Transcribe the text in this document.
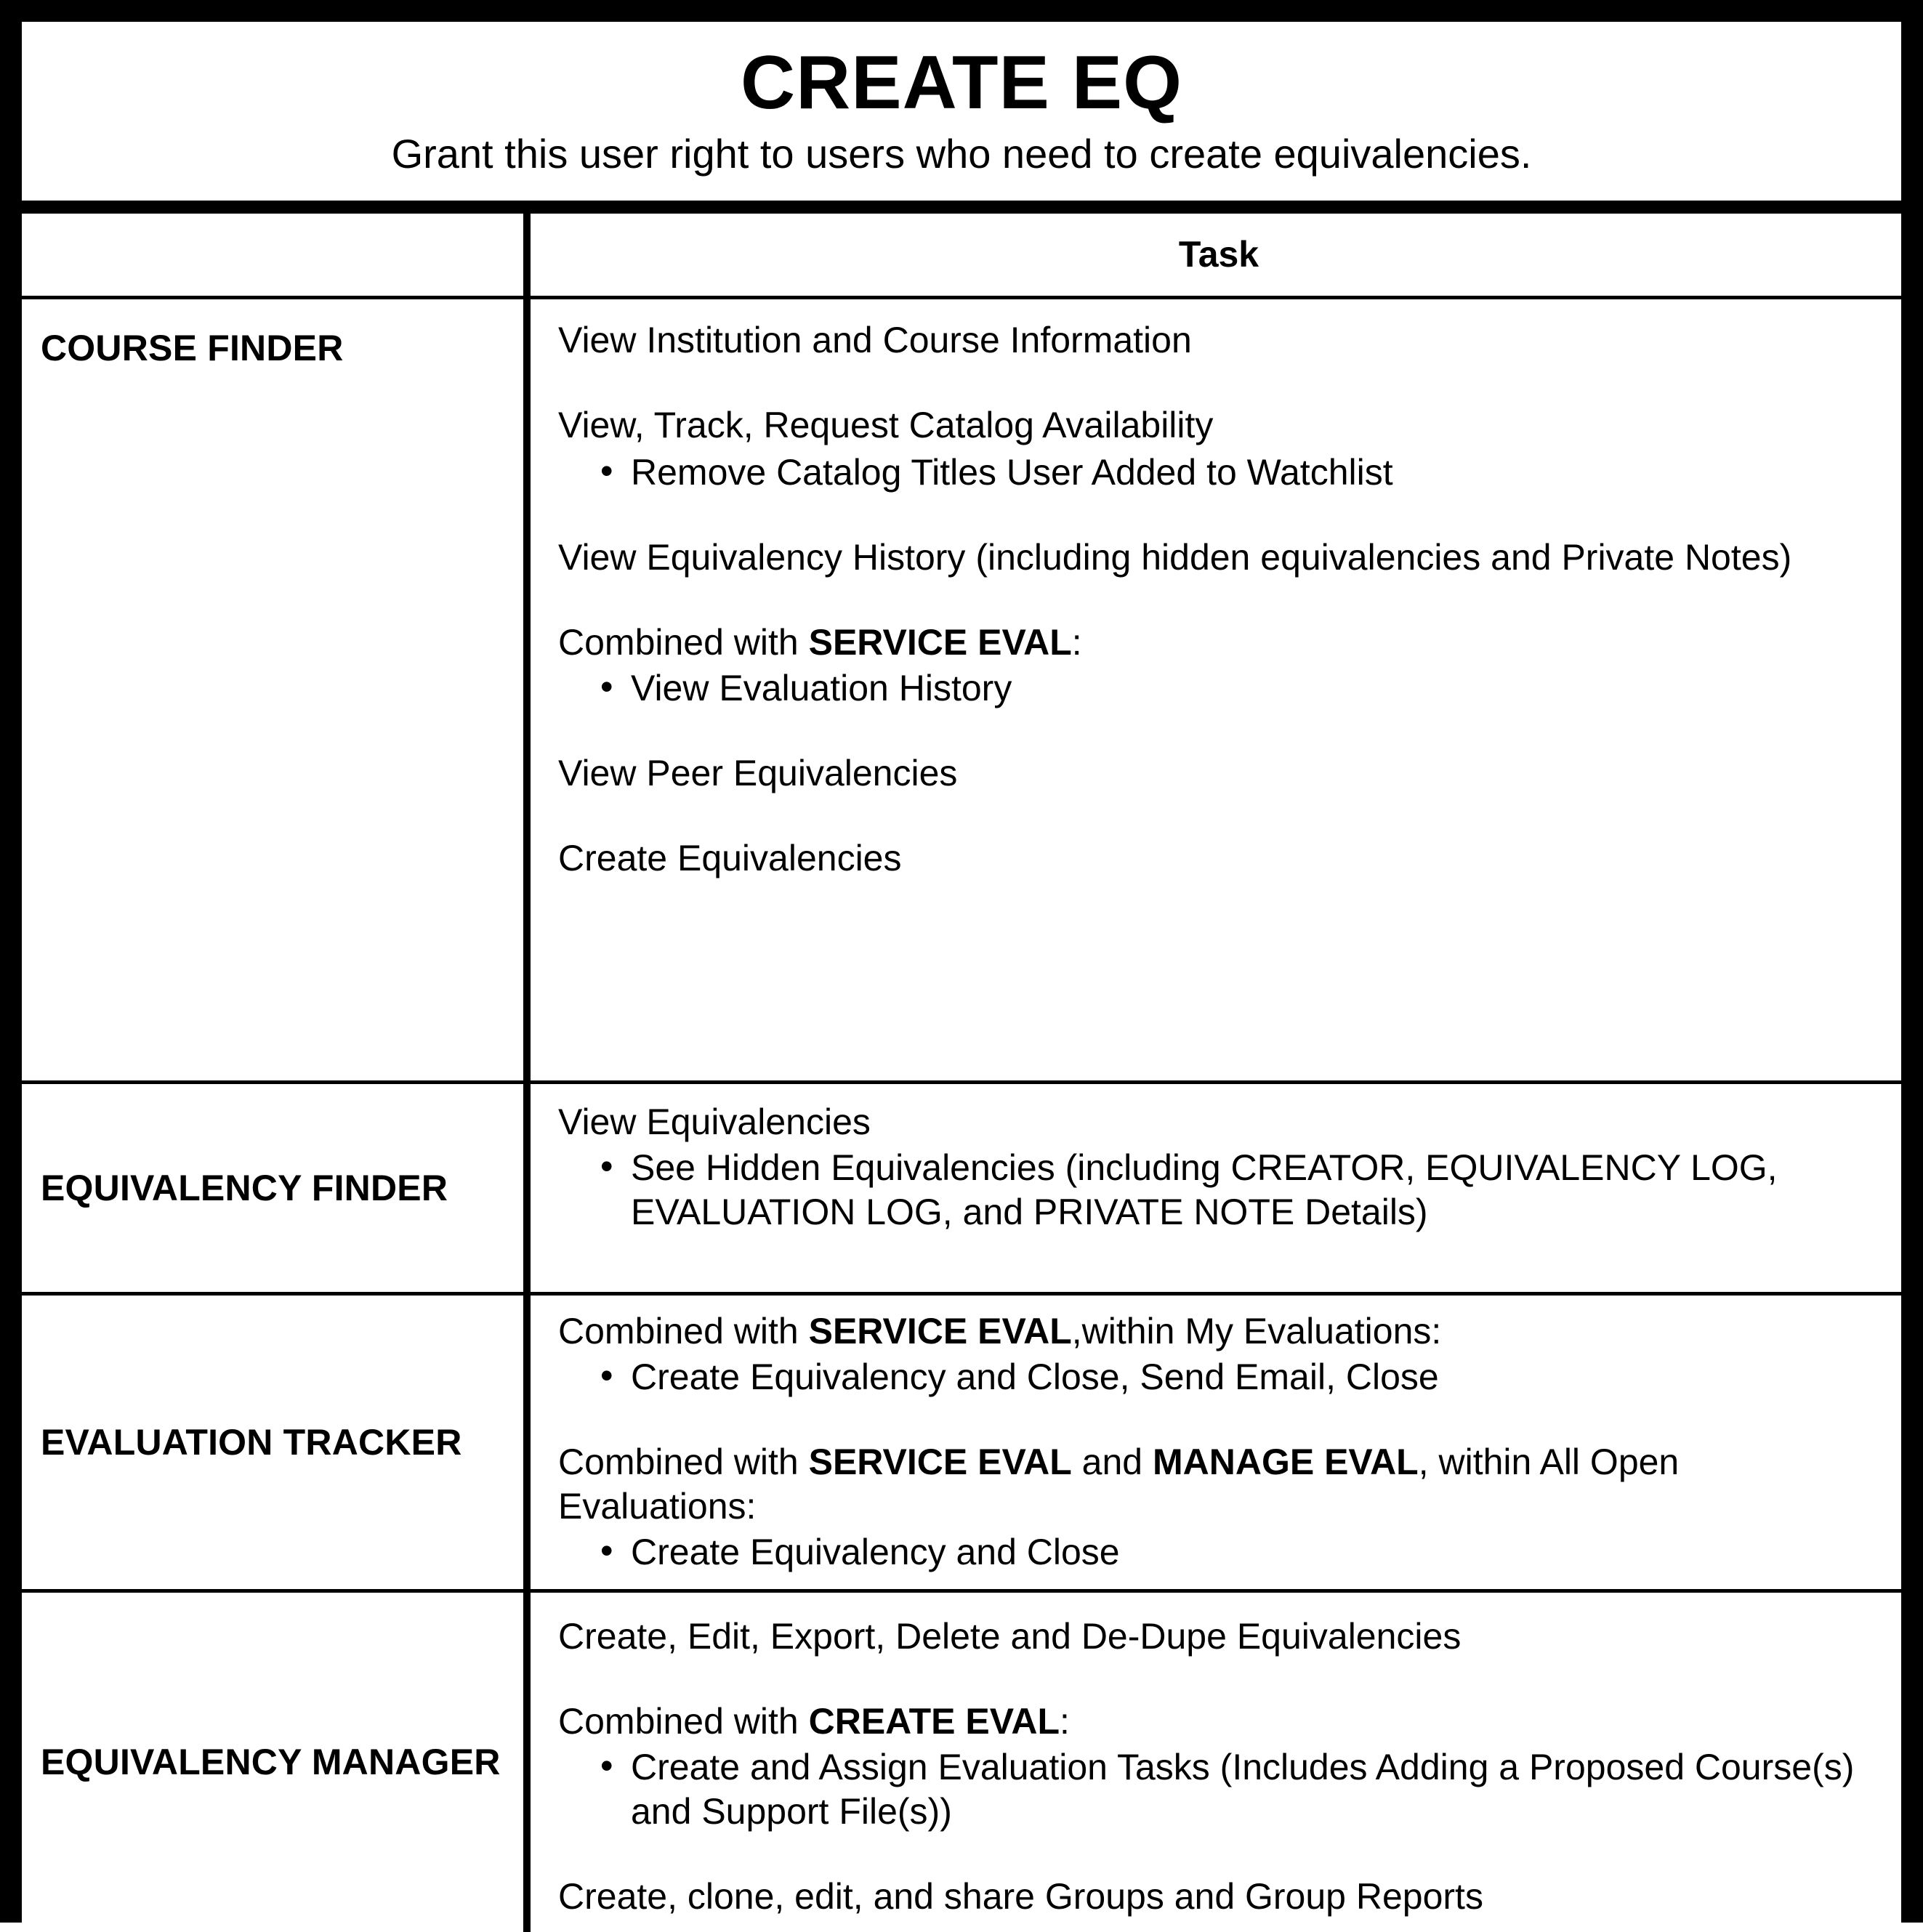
CREATE EQ
Grant this user right to users who need to create equivalencies.
Task
COURSE FINDER	View Institution and Course Information
View, Track, Request Catalog Availability
• Remove Catalog Titles User Added to Watchlist
View Equivalency History (including hidden equivalencies and Private Notes)
Combined with SERVICE EVAL:
• View Evaluation History
View Peer Equivalencies
Create Equivalencies
EQUIVALENCY FINDER
View Equivalencies
• See Hidden Equivalencies (including CREATOR, EQUIVALENCY LOG, EVALUATION LOG, and PRIVATE NOTE Details)
EVALUATION TRACKER
Combined with SERVICE EVAL,within My Evaluations:
• Create Equivalency and Close, Send Email, Close
Combined with SERVICE EVAL and MANAGE EVAL, within All Open Evaluations:
• Create Equivalency and Close
EQUIVALENCY MANAGER
Create, Edit, Export, Delete and De-Dupe Equivalencies
Combined with CREATE EVAL:
• Create and Assign Evaluation Tasks (Includes Adding a Proposed Course(s) and Support File(s))
Create, clone, edit, and share Groups and Group Reports
